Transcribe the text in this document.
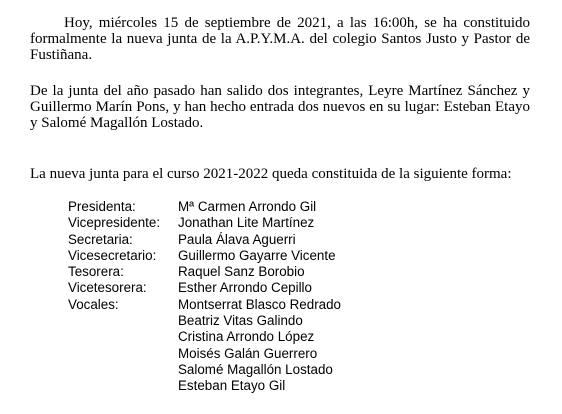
Hoy, miércoles 15 de septiembre de 2021, a las 16:00h, se ha constituido formalmente la nueva junta de la A.P.Y.M.A. del colegio Santos Justo y Pastor de Fustiñana.

De la junta del año pasado han salido dos integrantes, Leyre Martínez Sánchez y Guillermo Marín Pons, y han hecho entrada dos nuevos en su lugar: Esteban Etayo y Salomé Magallón Lostado.

La nueva junta para el curso 2021-2022 queda constituida de la siguiente forma:

Presidenta:	Mª Carmen Arrondo Gil
Vicepresidente:	Jonathan Lite Martínez
Secretaria:	Paula Álava Aguerri
Vicesecretario:	Guillermo Gayarre Vicente
Tesorera:	Raquel Sanz Borobio
Vicetesorera:	Esther Arrondo Cepillo
Vocales:	Montserrat Blasco Redrado
Beatriz Vitas Galindo
Cristina Arrondo López
Moisés Galán Guerrero
Salomé Magallón Lostado
Esteban Etayo Gil
